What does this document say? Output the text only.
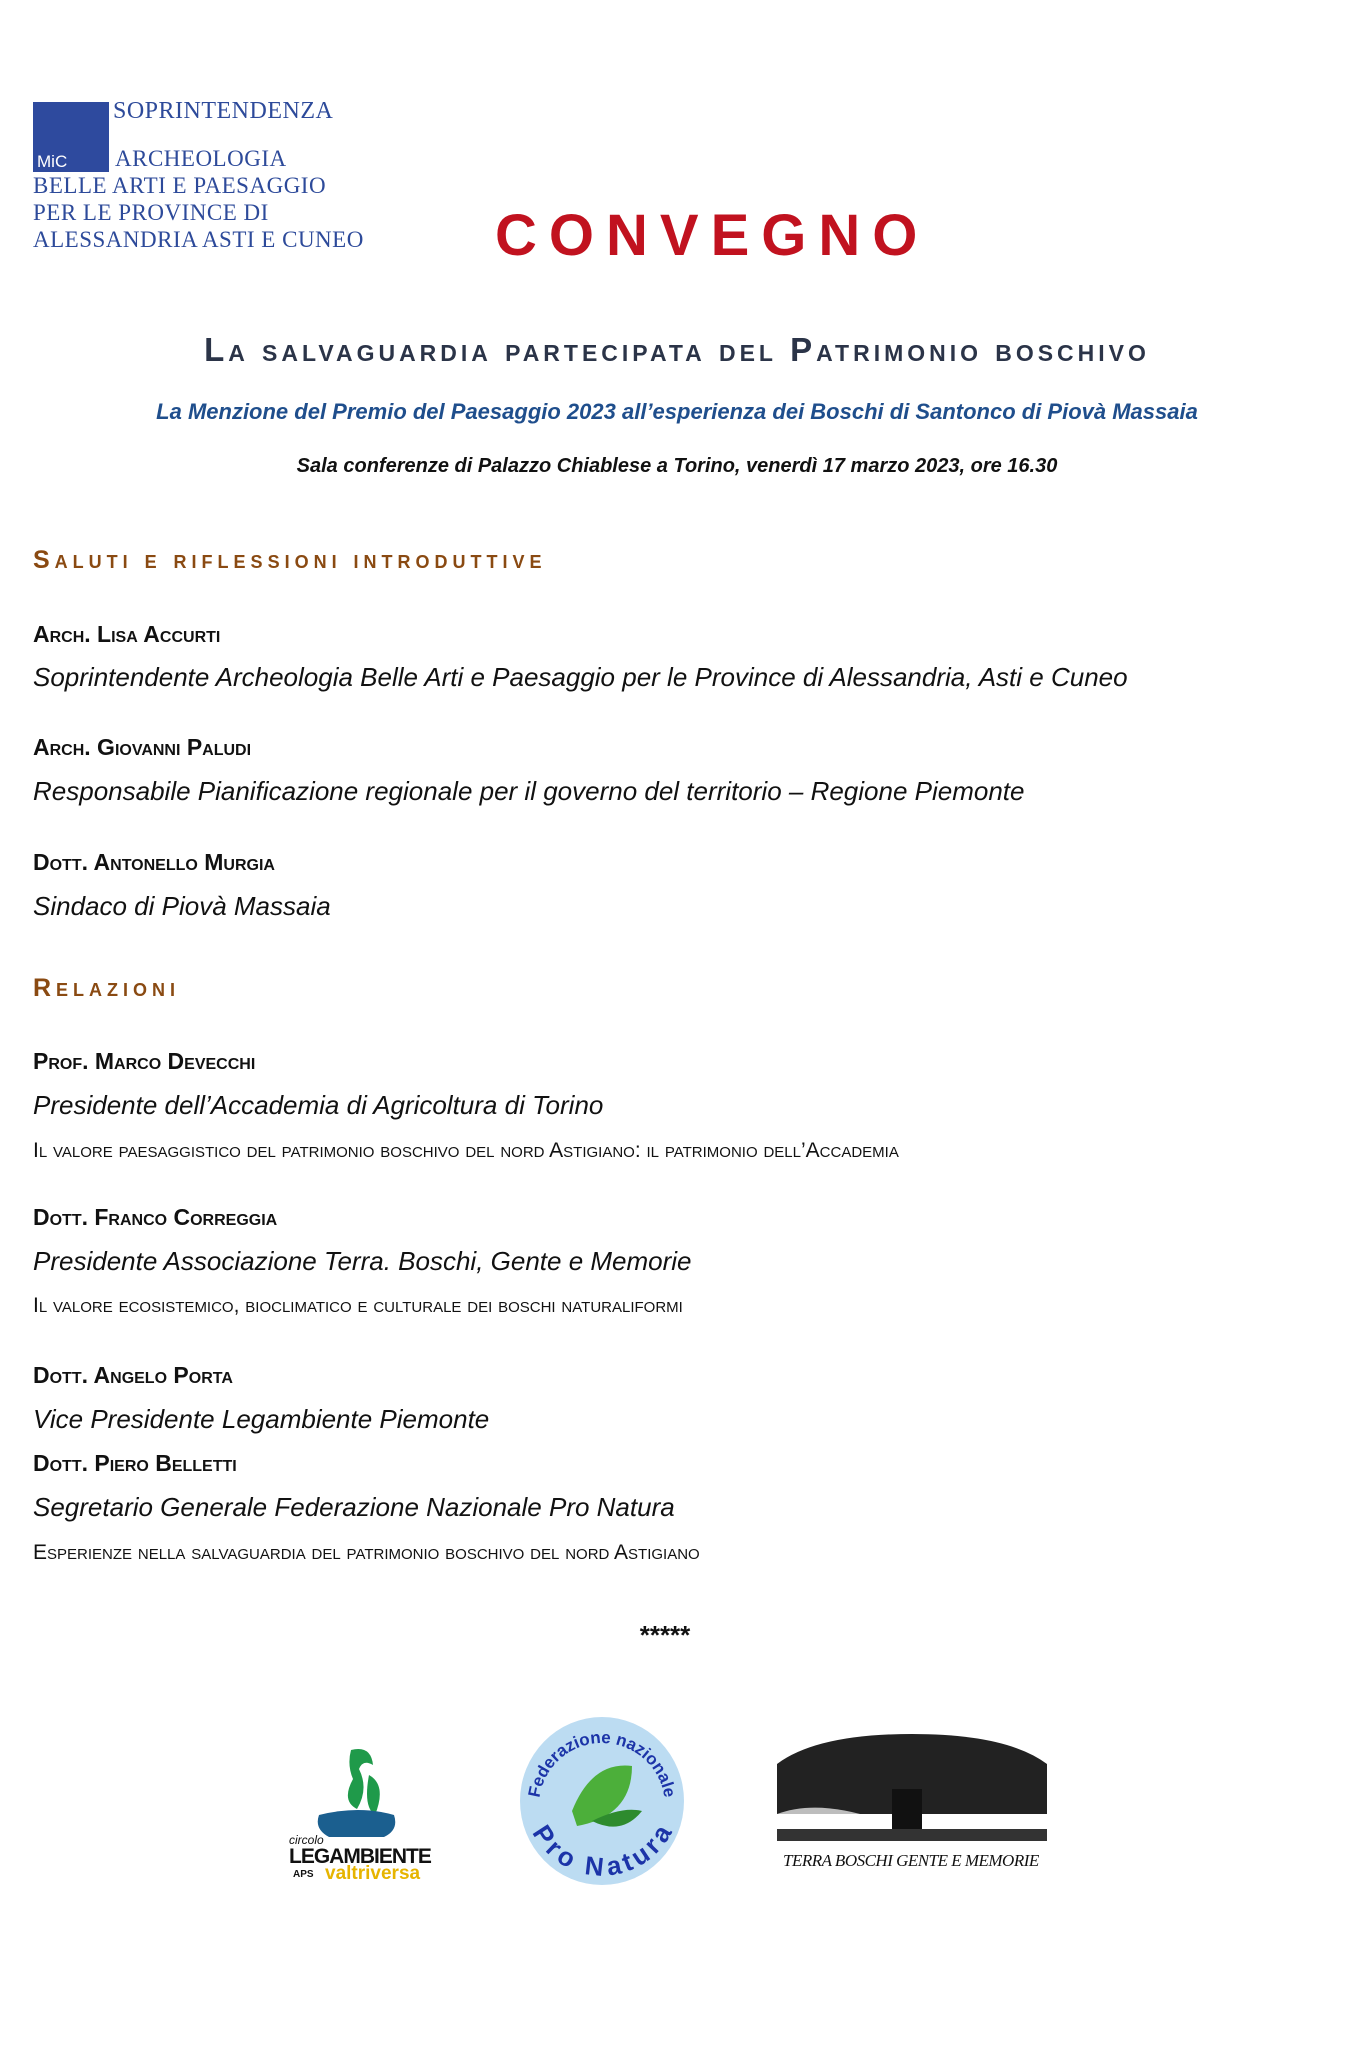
MiC
SOPRINTENDENZA
ARCHEOLOGIA
BELLE ARTI E PAESAGGIO
PER LE PROVINCE DI
ALESSANDRIA ASTI E CUNEO CONVEGNO
La salvaguardia partecipata del Patrimonio boschivo
La Menzione del Premio del Paesaggio 2023 all’esperienza dei Boschi di Santonco di Piovà Massaia
Sala conferenze di Palazzo Chiablese a Torino, venerdì 17 marzo 2023, ore 16.30
Saluti e riflessioni introduttive
Arch. Lisa Accurti
Soprintendente Archeologia Belle Arti e Paesaggio per le Province di Alessandria, Asti e Cuneo
Arch. Giovanni Paludi
Responsabile Pianificazione regionale per il governo del territorio – Regione Piemonte
Dott. Antonello Murgia
Sindaco di Piovà Massaia
Relazioni
Prof. Marco Devecchi
Presidente dell’Accademia di Agricoltura di Torino
Il valore paesaggistico del patrimonio boschivo del nord Astigiano: il patrimonio dell’Accademia
Dott. Franco Correggia
Presidente Associazione Terra. Boschi, Gente e Memorie
Il valore ecosistemico, bioclimatico e culturale dei boschi naturaliformi
Dott. Angelo Porta
Vice Presidente Legambiente Piemonte
Dott. Piero Belletti
Segretario Generale Federazione Nazionale Pro Natura
Esperienze nella salvaguardia del patrimonio boschivo del nord Astigiano
*****
circolo
LEGAMBIENTE
APS valtriversa
Federazione nazionale
Pro Natura
TERRA BOSCHI GENTE E MEMORIE
